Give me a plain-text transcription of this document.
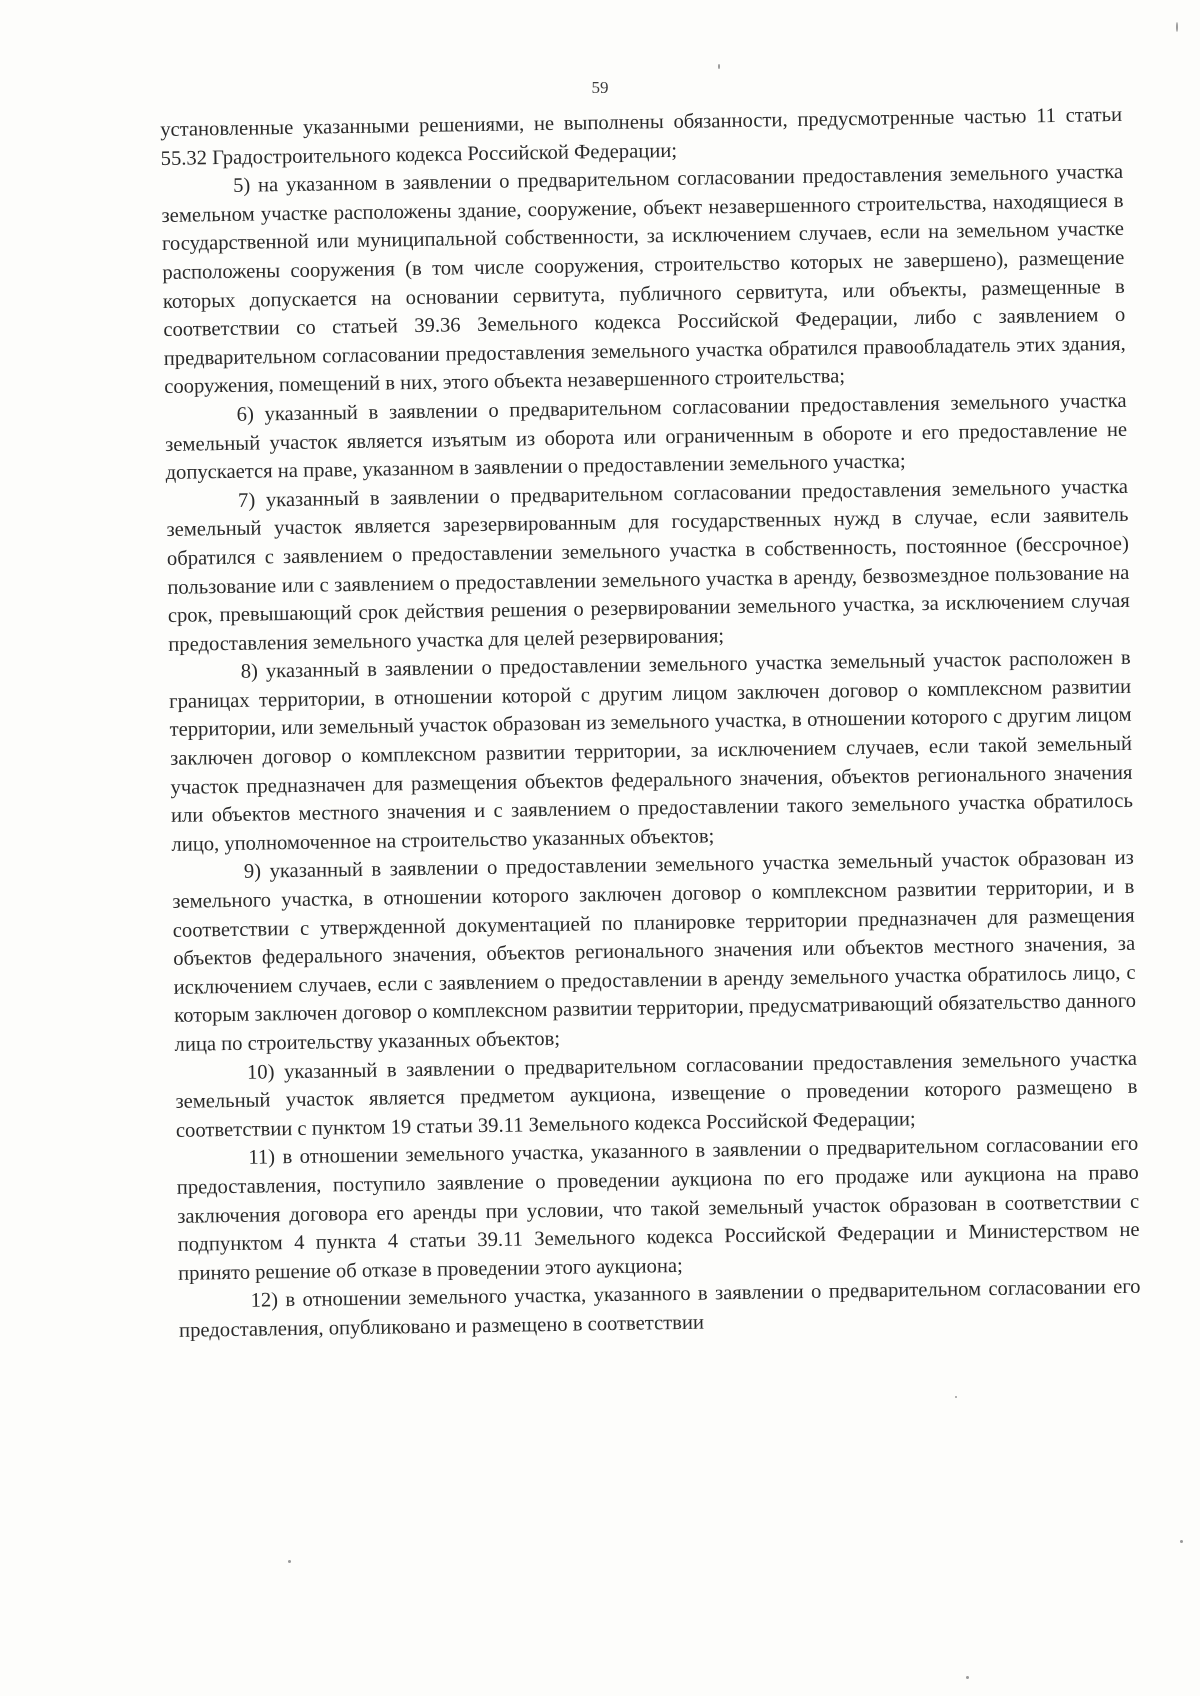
59

установленные указанными решениями, не выполнены обязанности, предусмотренные частью 11 статьи 55.32 Градостроительного кодекса Российской Федерации;

5) на указанном в заявлении о предварительном согласовании предоставления земельного участка земельном участке расположены здание, сооружение, объект незавершенного строительства, находящиеся в государственной или муниципальной собственности, за исключением случаев, если на земельном участке расположены сооружения (в том числе сооружения, строительство которых не завершено), размещение которых допускается на основании сервитута, публичного сервитута, или объекты, размещенные в соответствии со статьей 39.36 Земельного кодекса Российской Федерации, либо с заявлением о предварительном согласовании предоставления земельного участка обратился правообладатель этих здания, сооружения, помещений в них, этого объекта незавершенного строительства;

6) указанный в заявлении о предварительном согласовании предоставления земельного участка земельный участок является изъятым из оборота или ограниченным в обороте и его предоставление не допускается на праве, указанном в заявлении о предоставлении земельного участка;

7) указанный в заявлении о предварительном согласовании предоставления земельного участка земельный участок является зарезервированным для государственных нужд в случае, если заявитель обратился с заявлением о предоставлении земельного участка в собственность, постоянное (бессрочное) пользование или с заявлением о предоставлении земельного участка в аренду, безвозмездное пользование на срок, превышающий срок действия решения о резервировании земельного участка, за исключением случая предоставления земельного участка для целей резервирования;

8) указанный в заявлении о предоставлении земельного участка земельный участок расположен в границах территории, в отношении которой с другим лицом заключен договор о комплексном развитии территории, или земельный участок образован из земельного участка, в отношении которого с другим лицом заключен договор о комплексном развитии территории, за исключением случаев, если такой земельный участок предназначен для размещения объектов федерального значения, объектов регионального значения или объектов местного значения и с заявлением о предоставлении такого земельного участка обратилось лицо, уполномоченное на строительство указанных объектов;

9) указанный в заявлении о предоставлении земельного участка земельный участок образован из земельного участка, в отношении которого заключен договор о комплексном развитии территории, и в соответствии с утвержденной документацией по планировке территории предназначен для размещения объектов федерального значения, объектов регионального значения или объектов местного значения, за исключением случаев, если с заявлением о предоставлении в аренду земельного участка обратилось лицо, с которым заключен договор о комплексном развитии территории, предусматривающий обязательство данного лица по строительству указанных объектов;

10) указанный в заявлении о предварительном согласовании предоставления земельного участка земельный участок является предметом аукциона, извещение о проведении которого размещено в соответствии с пунктом 19 статьи 39.11 Земельного кодекса Российской Федерации;

11) в отношении земельного участка, указанного в заявлении о предварительном согласовании его предоставления, поступило заявление о проведении аукциона по его продаже или аукциона на право заключения договора его аренды при условии, что такой земельный участок образован в соответствии с подпунктом 4 пункта 4 статьи 39.11 Земельного кодекса Российской Федерации и Министерством не принято решение об отказе в проведении этого аукциона;

12) в отношении земельного участка, указанного в заявлении о предварительном согласовании его предоставления, опубликовано и размещено в соответствии
